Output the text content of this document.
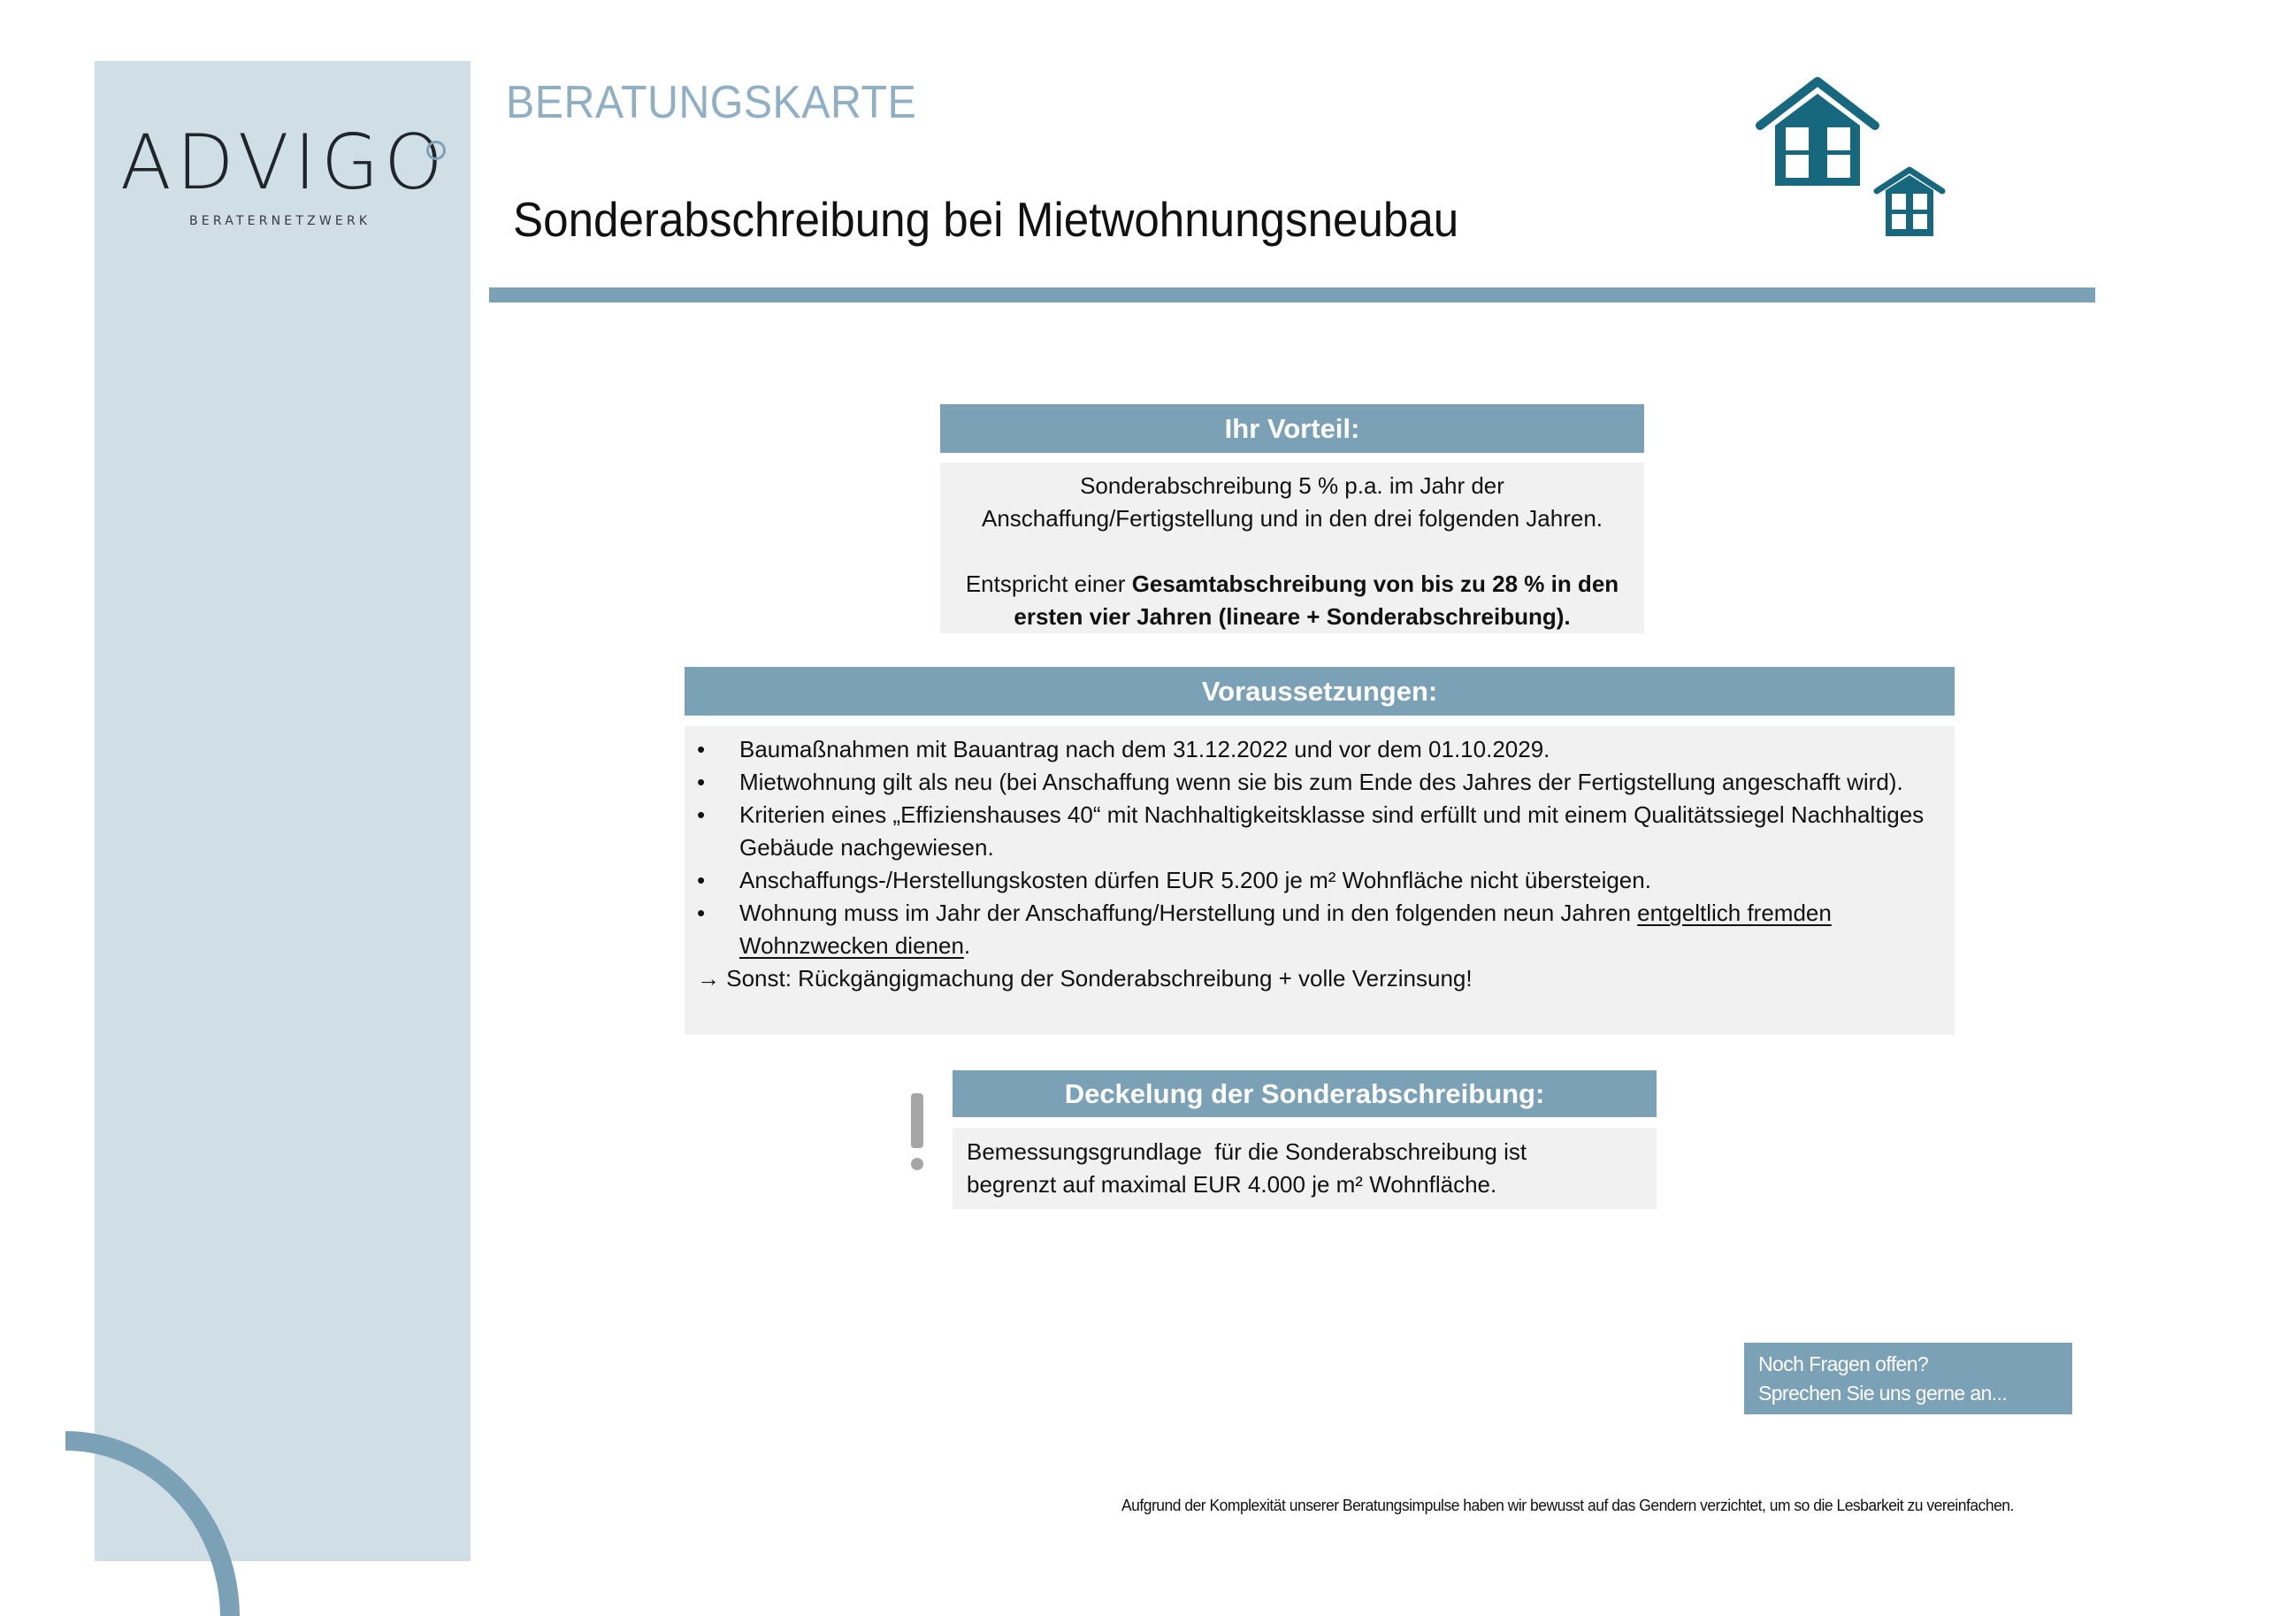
ADVIGO
BERATERNETZWERK
BERATUNGSKARTE
Sonderabschreibung bei Mietwohnungsneubau
Ihr Vorteil:

Sonderabschreibung 5 % p.a. im Jahr der

Anschaffung/Fertigstellung und in den drei folgenden Jahren.

Entspricht einer Gesamtabschreibung von bis zu 28 % in den

ersten vier Jahren (lineare + Sonderabschreibung).

Voraussetzungen:
• Baumaßnahmen mit Bauantrag nach dem 31.12.2022 und vor dem 01.10.2029.
• Mietwohnung gilt als neu (bei Anschaffung wenn sie bis zum Ende des Jahres der Fertigstellung angeschafft wird).
• Kriterien eines „Effizienshauses 40“ mit Nachhaltigkeitsklasse sind erfüllt und mit einem Qualitätssiegel Nachhaltiges Gebäude nachgewiesen.
• Anschaffungs-/Herstellungskosten dürfen EUR 5.200 je m² Wohnfläche nicht übersteigen.
• Wohnung muss im Jahr der Anschaffung/Herstellung und in den folgenden neun Jahren entgeltlich fremden Wohnzwecken dienen.
→ Sonst: Rückgängigmachung der Sonderabschreibung + volle Verzinsung!
Deckelung der Sonderabschreibung:

Bemessungsgrundlage  für die Sonderabschreibung ist

begrenzt auf maximal EUR 4.000 je m² Wohnfläche.

Noch Fragen offen?

Sprechen Sie uns gerne an...

Aufgrund der Komplexität unserer Beratungsimpulse haben wir bewusst auf das Gendern verzichtet, um so die Lesbarkeit zu vereinfachen.
